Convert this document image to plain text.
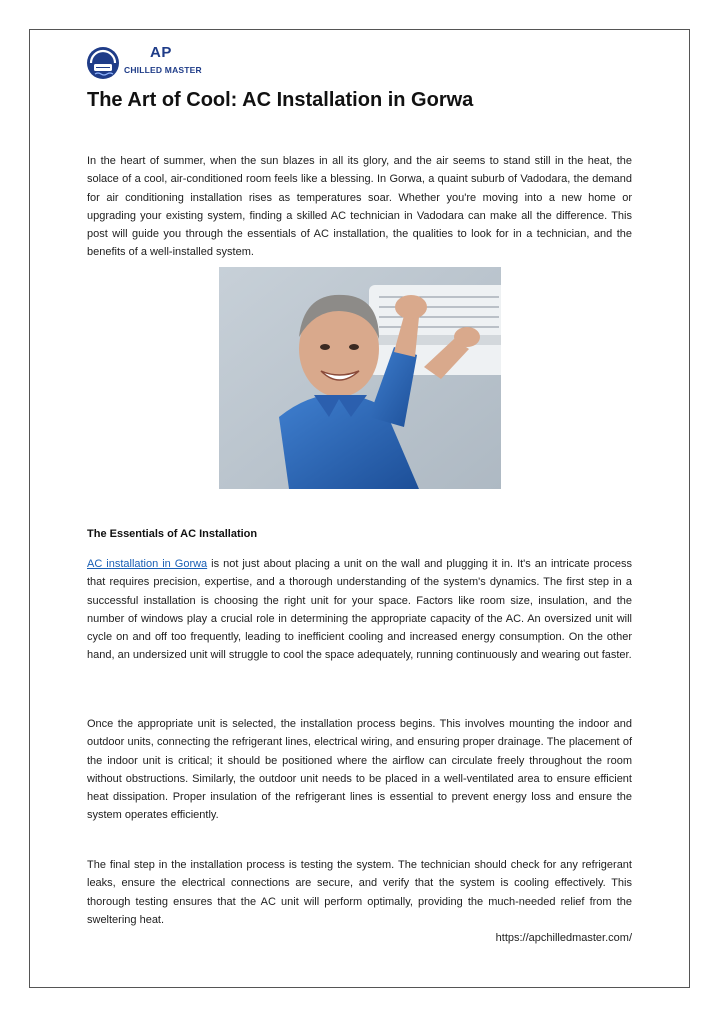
AP
CHILLED MASTER
The Art of Cool: AC Installation in Gorwa

In the heart of summer, when the sun blazes in all its glory, and the air seems to stand still in the heat, the solace of a cool, air-conditioned room feels like a blessing. In Gorwa, a quaint suburb of Vadodara, the demand for air conditioning installation rises as temperatures soar. Whether you're moving into a new home or upgrading your existing system, finding a skilled AC technician in Vadodara can make all the difference. This post will guide you through the essentials of AC installation, the qualities to look for in a technician, and the benefits of a well-installed system.

The Essentials of AC Installation

AC installation in Gorwa is not just about placing a unit on the wall and plugging it in. It's an intricate process that requires precision, expertise, and a thorough understanding of the system's dynamics. The first step in a successful installation is choosing the right unit for your space. Factors like room size, insulation, and the number of windows play a crucial role in determining the appropriate capacity of the AC. An oversized unit will cycle on and off too frequently, leading to inefficient cooling and increased energy consumption. On the other hand, an undersized unit will struggle to cool the space adequately, running continuously and wearing out faster.

Once the appropriate unit is selected, the installation process begins. This involves mounting the indoor and outdoor units, connecting the refrigerant lines, electrical wiring, and ensuring proper drainage. The placement of the indoor unit is critical; it should be positioned where the airflow can circulate freely throughout the room without obstructions. Similarly, the outdoor unit needs to be placed in a well-ventilated area to ensure efficient heat dissipation. Proper insulation of the refrigerant lines is essential to prevent energy loss and ensure the system operates efficiently.

The final step in the installation process is testing the system. The technician should check for any refrigerant leaks, ensure the electrical connections are secure, and verify that the system is cooling effectively. This thorough testing ensures that the AC unit will perform optimally, providing the much-needed relief from the sweltering heat.

https://apchilledmaster.com/
